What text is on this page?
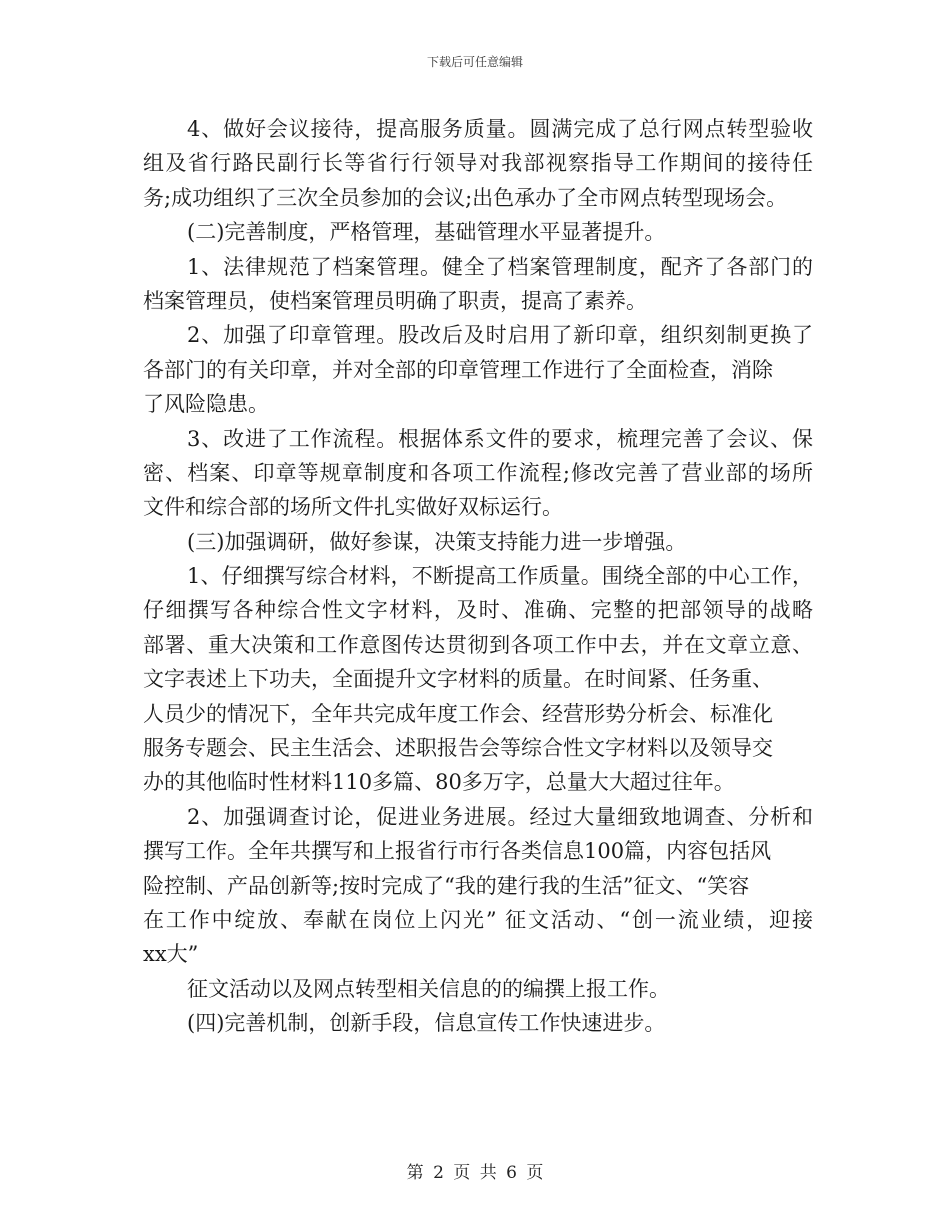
下载后可任意编辑
4、做好会议接待，提高服务质量。圆满完成了总行网点转型验收
组及省行路民副行长等省行行领导对我部视察指导工作期间的接待任
务;成功组织了三次全员参加的会议;出色承办了全市网点转型现场会。
(二)完善制度，严格管理，基础管理水平显著提升。
1、法律规范了档案管理。健全了档案管理制度，配齐了各部门的
档案管理员，使档案管理员明确了职责，提高了素养。
2、加强了印章管理。股改后及时启用了新印章，组织刻制更换了
各部门的有关印章，并对全部的印章管理工作进行了全面检查，消除
了风险隐患。
3、改进了工作流程。根据体系文件的要求，梳理完善了会议、保
密、档案、印章等规章制度和各项工作流程;修改完善了营业部的场所
文件和综合部的场所文件扎实做好双标运行。
(三)加强调研，做好参谋，决策支持能力进一步增强。
1、仔细撰写综合材料，不断提高工作质量。围绕全部的中心工作，
仔细撰写各种综合性文字材料，及时、准确、完整的把部领导的战略
部署、重大决策和工作意图传达贯彻到各项工作中去，并在文章立意、
文字表述上下功夫，全面提升文字材料的质量。在时间紧、任务重、
人员少的情况下，全年共完成年度工作会、经营形势分析会、标准化
服务专题会、民主生活会、述职报告会等综合性文字材料以及领导交
办的其他临时性材料110多篇、80多万字，总量大大超过往年。
2、加强调查讨论，促进业务进展。经过大量细致地调查、分析和
撰写工作。全年共撰写和上报省行市行各类信息100篇，内容包括风
险控制、产品创新等;按时完成了“我的建行我的生活”征文、“笑容
在工作中绽放、奉献在岗位上闪光” 征文活动、“创一流业绩，迎接
xx大”
征文活动以及网点转型相关信息的的编撰上报工作。
(四)完善机制，创新手段，信息宣传工作快速进步。
第 2 页 共 6 页
